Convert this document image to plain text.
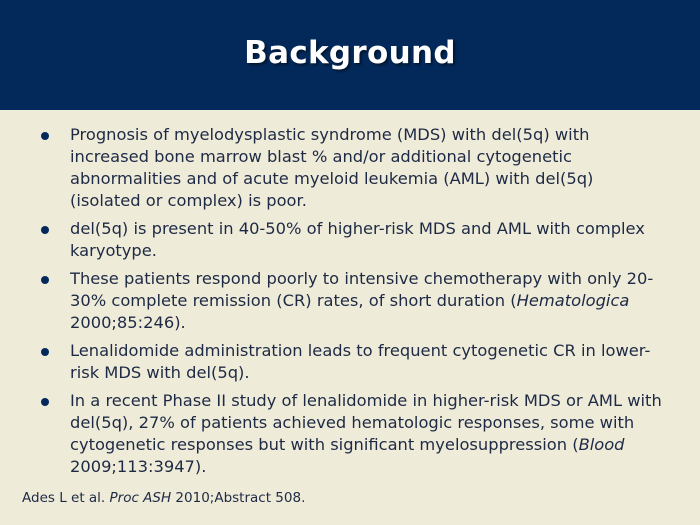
Background
Prognosis of myelodysplastic syndrome (MDS) with del(5q) with increased bone marrow blast % and/or additional cytogenetic abnormalities and of acute myeloid leukemia (AML) with del(5q) (isolated or complex) is poor.
del(5q) is present in 40-50% of higher-risk MDS and AML with complex karyotype.
These patients respond poorly to intensive chemotherapy with only 20-30% complete remission (CR) rates, of short duration (Hematologica 2000;85:246).
Lenalidomide administration leads to frequent cytogenetic CR in lower-risk MDS with del(5q).
In a recent Phase II study of lenalidomide in higher-risk MDS or AML with del(5q), 27% of patients achieved hematologic responses, some with cytogenetic responses but with significant myelosuppression (Blood 2009;113:3947).
Ades L et al. Proc ASH 2010;Abstract 508.
